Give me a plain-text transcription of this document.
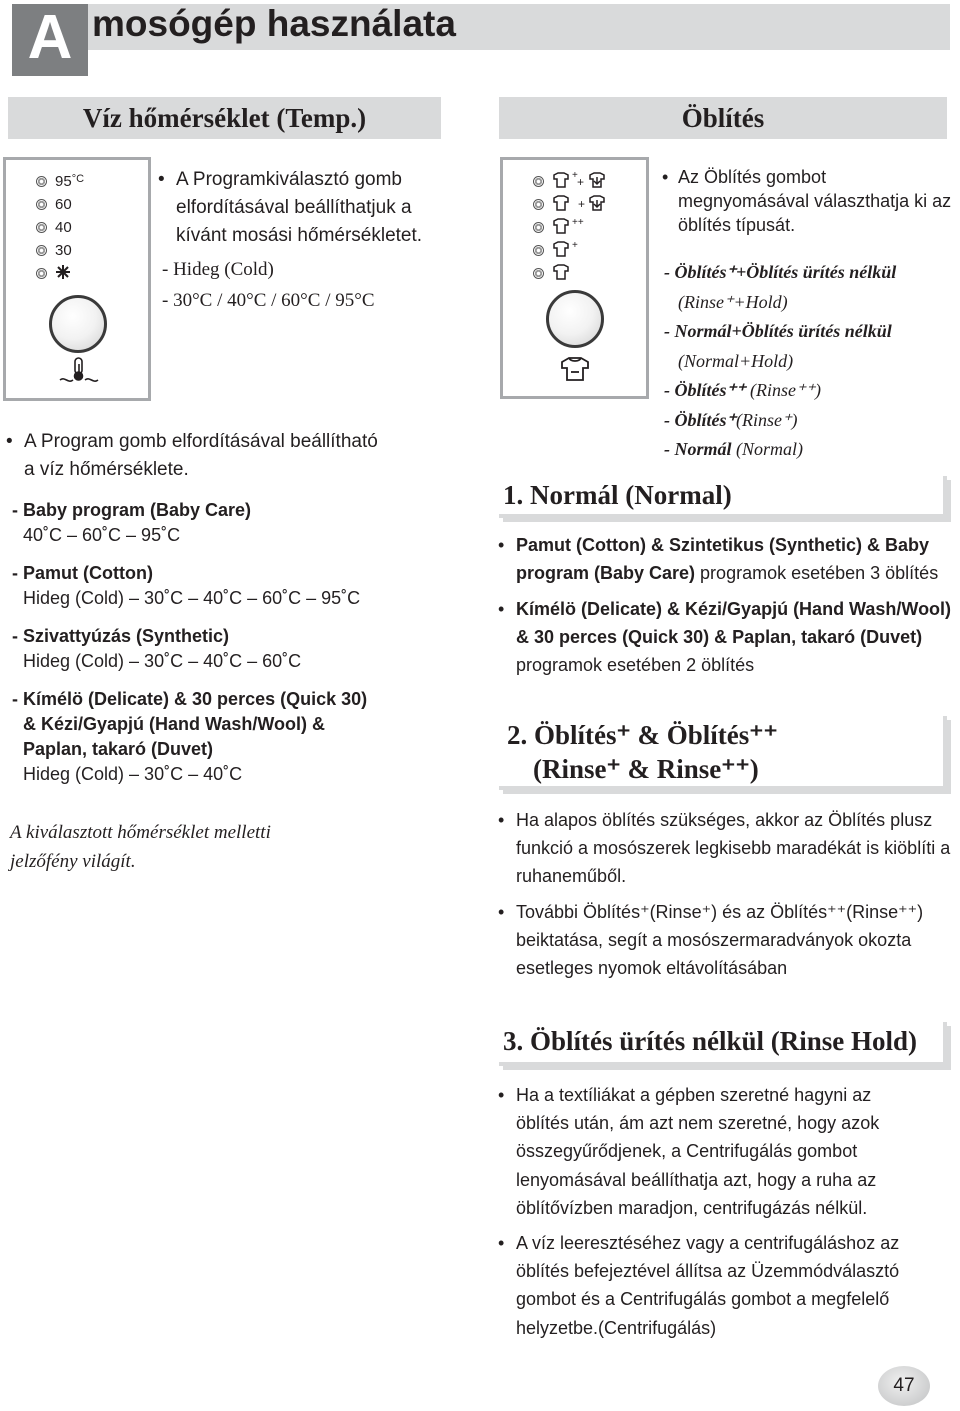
A mosógép használata
Víz hőmérséklet (Temp.)
95 °C
60
40
30
• A Programkiválasztó gomb elfordításával beállíthatjuk a kívánt mosási hőmérsékletet.
- Hideg (Cold)
- 30°C / 40°C / 60°C / 95°C
• A Program gomb elfordításával beállítható
a víz hőmérséklete.
- Baby program (Baby Care)
40˚C – 60˚C – 95˚C
- Pamut (Cotton)
Hideg (Cold) – 30˚C – 40˚C – 60˚C – 95˚C
- Szivattyúzás (Synthetic)
Hideg (Cold) – 30˚C – 40˚C – 60˚C
- Kímélö (Delicate) & 30 perces (Quick 30)
& Kézi/Gyapjú (Hand Wash/Wool) &
Paplan, takaró (Duvet)
Hideg (Cold) – 30˚C – 40˚C
A kiválasztott hőmérséklet melletti
jelzőfény világít.
Öblítés
+ +
+
++
+
• Az Öblítés gombot megnyomásával választhatja ki az öblítés típusát.
- Öblítés⁺+Öblítés ürítés nélkül
(Rinse⁺+Hold)
- Normál+Öblítés ürítés nélkül
(Normal+Hold)
- Öblítés⁺⁺ (Rinse⁺⁺)
- Öblítés⁺(Rinse⁺)
- Normál (Normal)
1. Normál (Normal)
• Pamut (Cotton) & Szintetikus (Synthetic) & Baby program (Baby Care) programok esetében 3 öblítés
• Kímélö (Delicate) & Kézi/Gyapjú (Hand Wash/Wool) & 30 perces (Quick 30) & Paplan, takaró (Duvet) programok esetében 2 öblítés
2. Öblítés⁺ & Öblítés⁺⁺
(Rinse⁺ & Rinse⁺⁺)
• Ha alapos öblítés szükséges, akkor az Öblítés plusz funkció a mosószerek legkisebb maradékát is kiöblíti a ruhaneműből.
• További Öblítés⁺(Rinse⁺) és az Öblítés⁺⁺(Rinse⁺⁺) beiktatása, segít a mosószermaradványok okozta esetleges nyomok eltávolításában
3. Öblítés ürítés nélkül (Rinse Hold)
• Ha a textíliákat a gépben szeretné hagyni az öblítés után, ám azt nem szeretné, hogy azok összegyűrődjenek, a Centrifugálás gombot lenyomásával beállíthatja azt, hogy a ruha az öblítővízben maradjon, centrifugázás nélkül.
• A víz leeresztéséhez vagy a centrifugáláshoz az öblítés befejeztével állítsa az Üzemmódválasztó gombot és a Centrifugálás gombot a megfelelő helyzetbe.(Centrifugálás)
47
